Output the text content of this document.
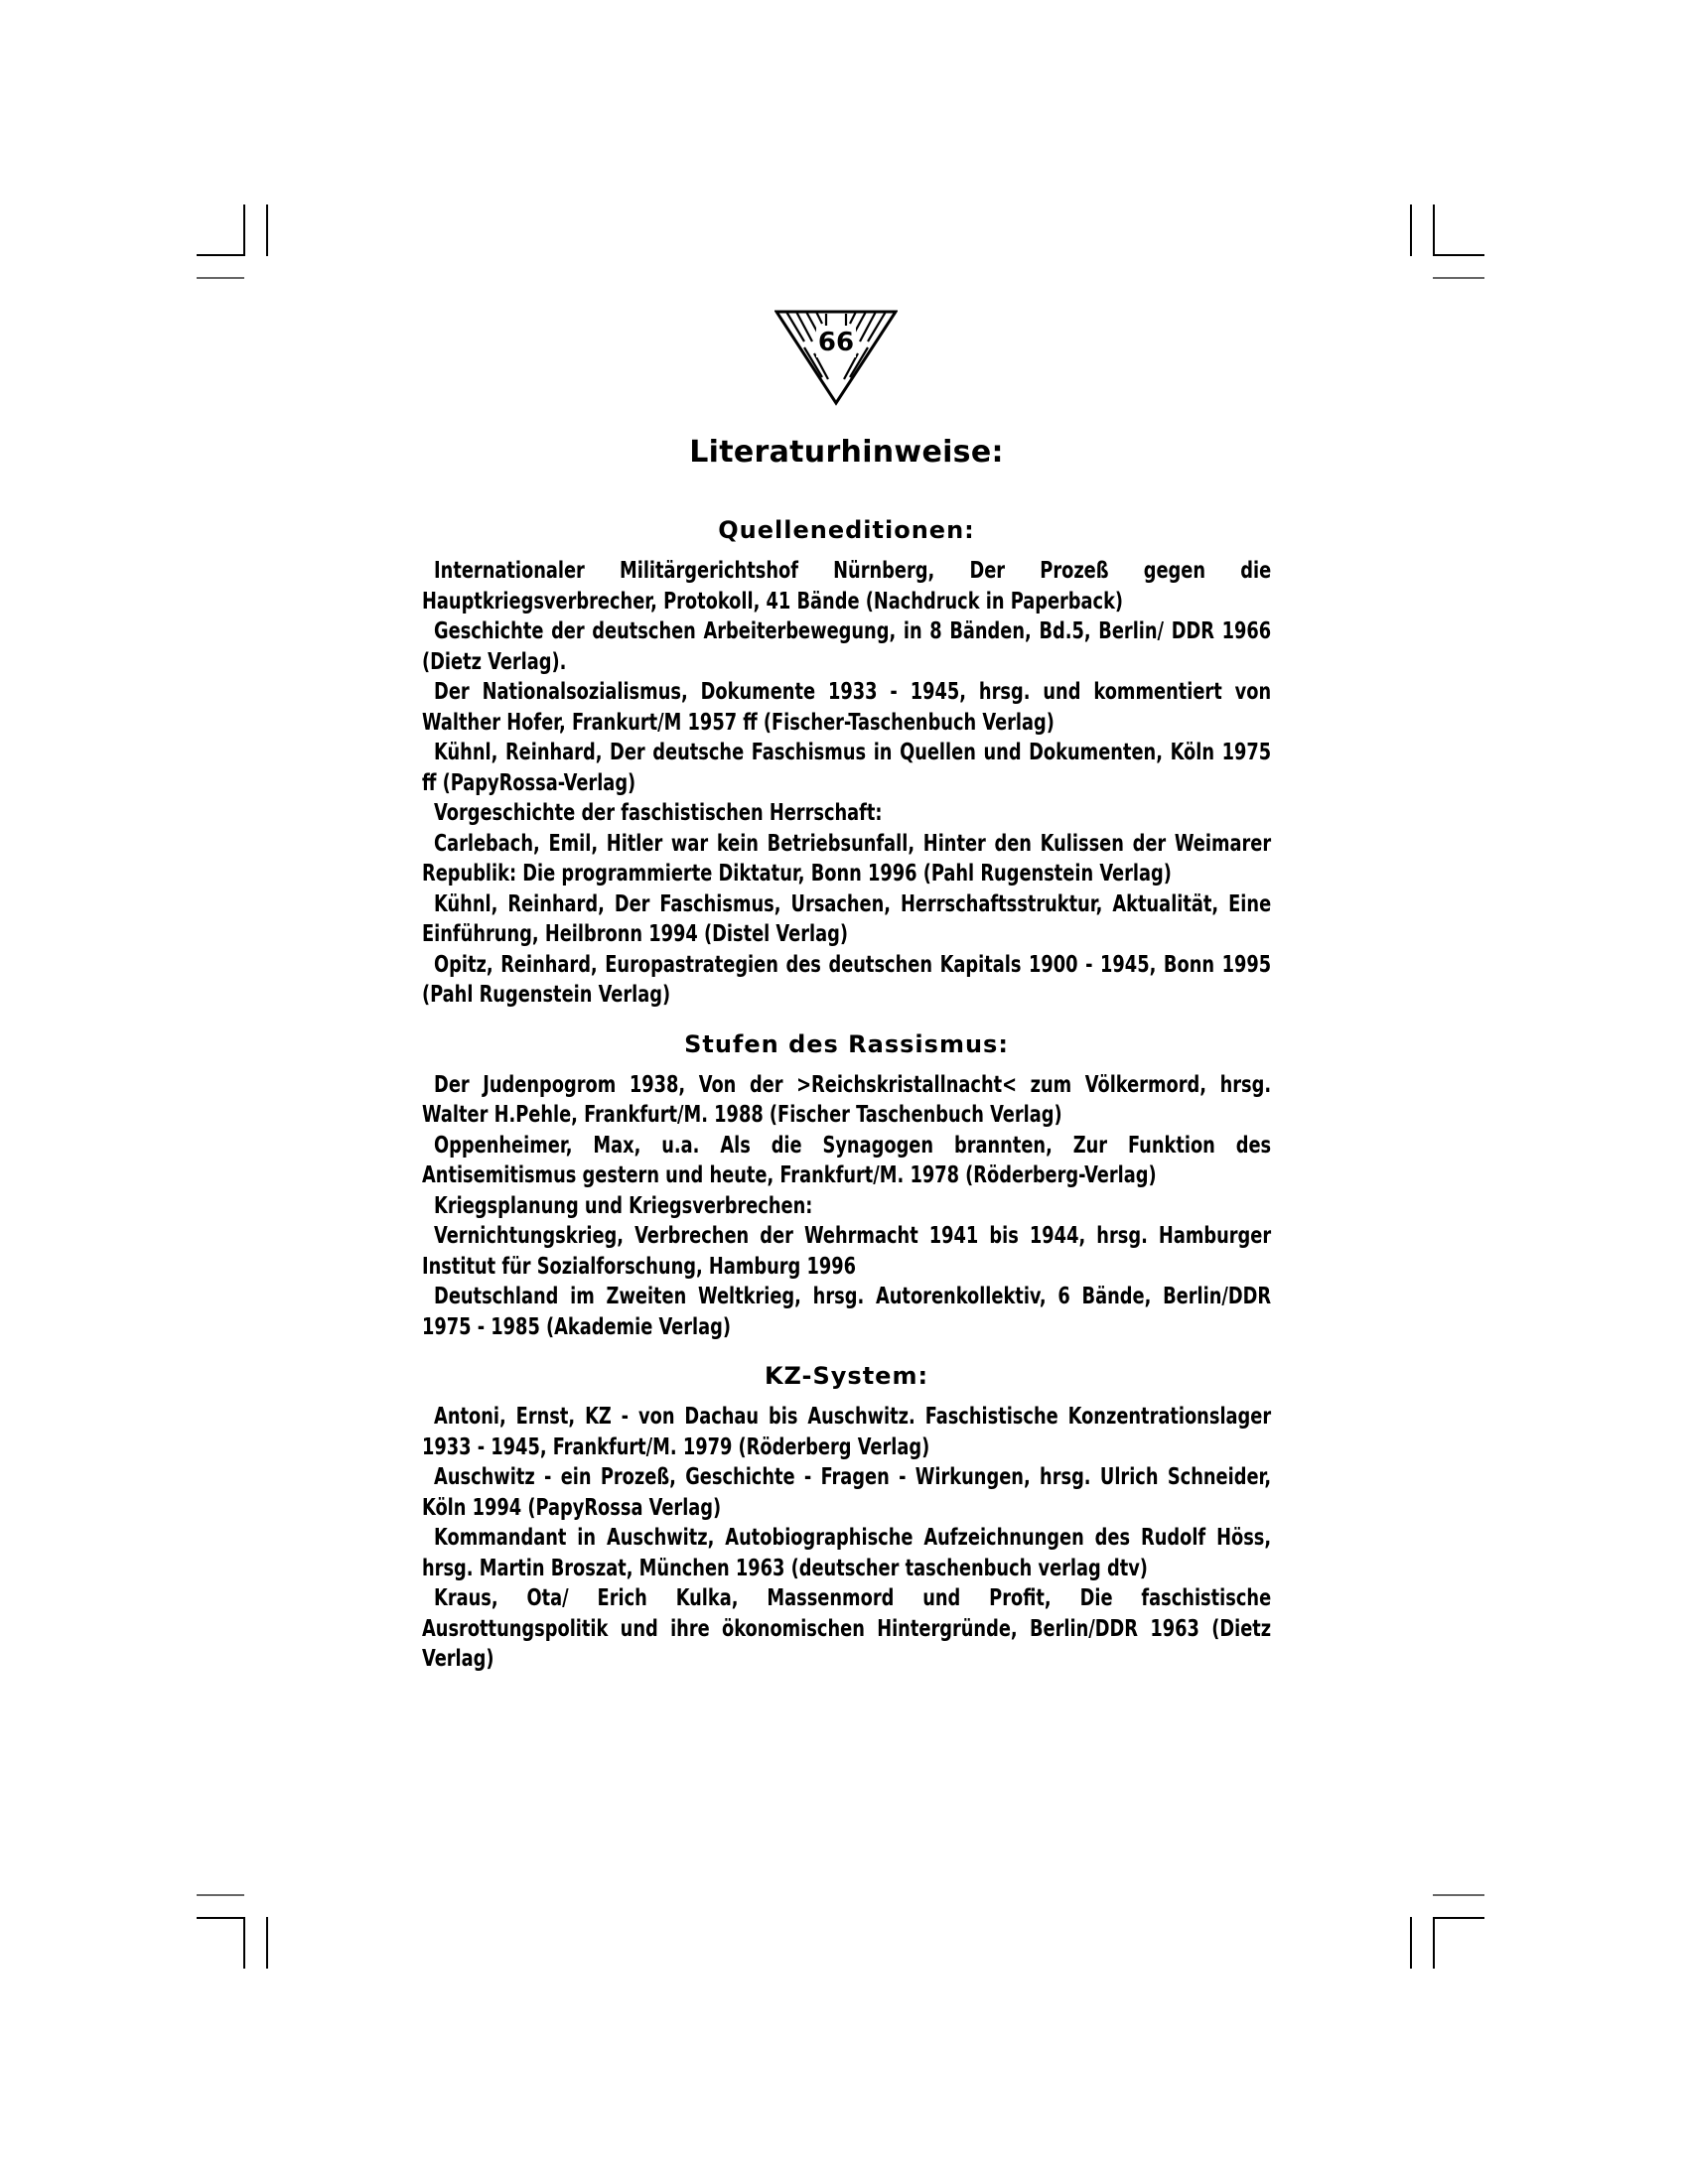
66
Literaturhinweise:
Quelleneditionen:

Internationaler Militärgerichtshof Nürnberg, Der Prozeß gegen die Hauptkriegsverbrecher, Protokoll, 41 Bände (Nachdruck in Paperback)

Geschichte der deutschen Arbeiterbewegung, in 8 Bänden, Bd.5, Berlin/ DDR 1966 (Dietz Verlag).

Der Nationalsozialismus, Dokumente 1933 - 1945, hrsg. und kommentiert von Walther Hofer, Frankurt/M 1957 ff (Fischer-Taschenbuch Verlag)

Kühnl, Reinhard, Der deutsche Faschismus in Quellen und Dokumenten, Köln 1975 ff (PapyRossa-Verlag)

Vorgeschichte der faschistischen Herrschaft:

Carlebach, Emil, Hitler war kein Betriebsunfall, Hinter den Kulissen der Weimarer Republik: Die programmierte Diktatur, Bonn 1996 (Pahl Rugenstein Verlag)

Kühnl, Reinhard, Der Faschismus, Ursachen, Herrschaftsstruktur, Aktualität, Eine Einführung, Heilbronn 1994 (Distel Verlag)

Opitz, Reinhard, Europastrategien des deutschen Kapitals 1900 - 1945, Bonn 1995 (Pahl Rugenstein Verlag)

Stufen des Rassismus:

Der Judenpogrom 1938, Von der >Reichskristallnacht< zum Völkermord, hrsg. Walter H.Pehle, Frankfurt/M. 1988 (Fischer Taschenbuch Verlag)

Oppenheimer, Max, u.a. Als die Synagogen brannten, Zur Funktion des Antisemitismus gestern und heute, Frankfurt/M. 1978 (Röderberg-Verlag)

Kriegsplanung und Kriegsverbrechen:

Vernichtungskrieg, Verbrechen der Wehrmacht 1941 bis 1944, hrsg. Hamburger Institut für Sozialforschung, Hamburg 1996

Deutschland im Zweiten Weltkrieg, hrsg. Autorenkollektiv, 6 Bände, Berlin/DDR 1975 - 1985 (Akademie Verlag)

KZ-System:

Antoni, Ernst, KZ - von Dachau bis Auschwitz. Faschistische Konzentrationslager 1933 - 1945, Frankfurt/M. 1979 (Röderberg Verlag)

Auschwitz - ein Prozeß, Geschichte - Fragen - Wirkungen, hrsg. Ulrich Schneider, Köln 1994 (PapyRossa Verlag)

Kommandant in Auschwitz, Autobiographische Aufzeichnungen des Rudolf Höss, hrsg. Martin Broszat, München 1963 (deutscher taschenbuch verlag dtv)

Kraus, Ota/ Erich Kulka, Massenmord und Profit, Die faschistische Ausrottungspolitik und ihre ökonomischen Hintergründe, Berlin/DDR 1963 (Dietz Verlag)
